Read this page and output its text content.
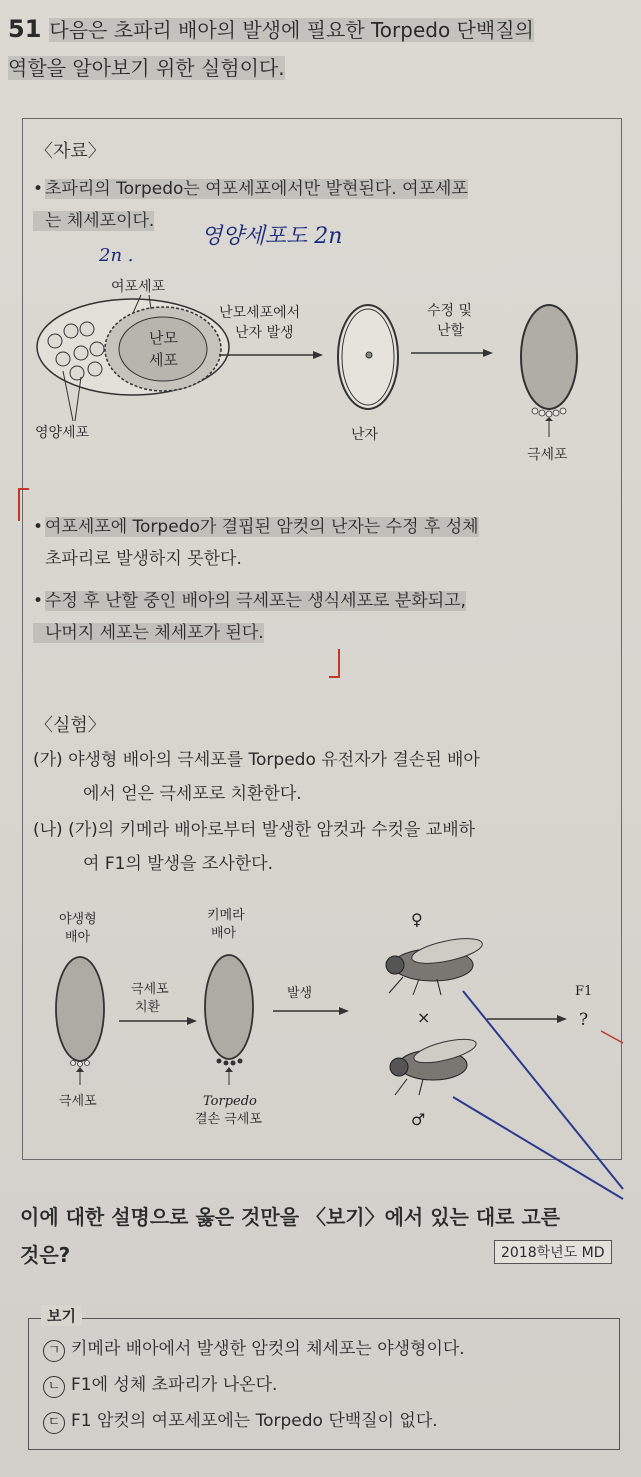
51 다음은 초파리 배아의 발생에 필요한 Torpedo 단백질의
역할을 알아보기 위한 실험이다.
〈자료〉
• 초파리의 Torpedo는 여포세포에서만 발현된다. 여포세포
는 체세포이다.
영양세포도 2n
2n .
난모
세포
여포세포
영양세포
난모세포에서
난자 발생
난자
수정 및
난할
극세포
• 여포세포에 Torpedo가 결핍된 암컷의 난자는 수정 후 성체
초파리로 발생하지 못한다.
• 수정 후 난할 중인 배아의 극세포는 생식세포로 분화되고,
나머지 세포는 체세포가 된다.
〈실험〉
(가) 야생형 배아의 극세포를 Torpedo 유전자가 결손된 배아
에서 얻은 극세포로 치환한다.
(나) (가)의 키메라 배아로부터 발생한 암컷과 수컷을 교배하
여 F1의 발생을 조사한다.
야생형
배아
극세포
극세포
치환
키메라
배아
Torpedo
결손 극세포
발생
♀
×
♂
F1
?
이에 대한 설명으로 옳은 것만을 〈보기〉에서 있는 대로 고른
것은?	2018학년도 MD
보기
ㄱ 키메라 배아에서 발생한 암컷의 체세포는 야생형이다.
ㄴ F1에 성체 초파리가 나온다.
ㄷ F1 암컷의 여포세포에는 Torpedo 단백질이 없다.
